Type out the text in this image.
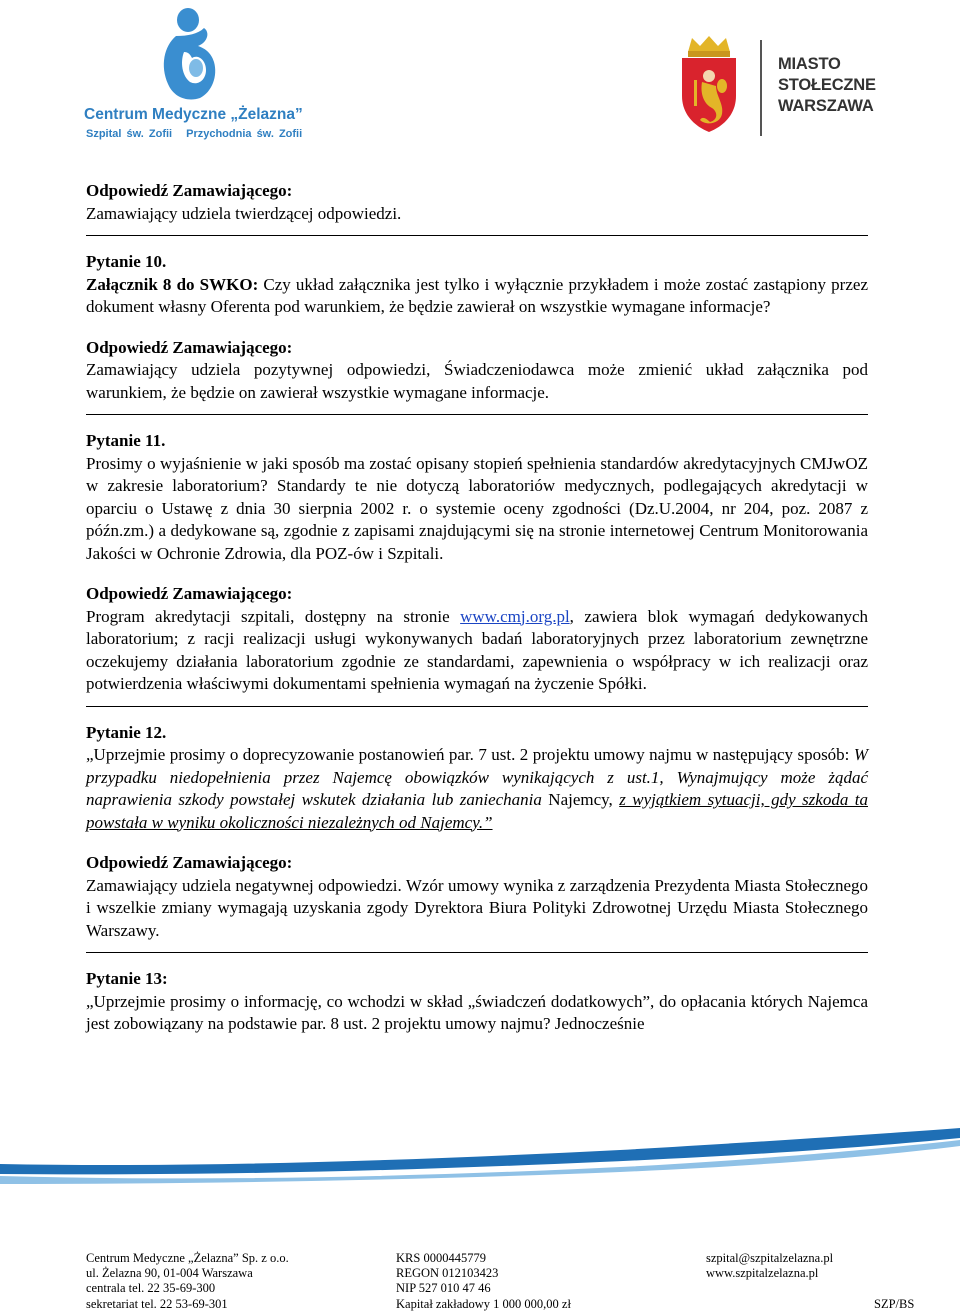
Centrum Medyczne „Żelazna”
Szpital św. Zofii Przychodnia św. Zofii
MIASTO
STOŁECZNE
WARSZAWA

Odpowiedź Zamawiającego:

Zamawiający udziela twierdzącej odpowiedzi.

Pytanie 10.

Załącznik 8 do SWKO: Czy układ załącznika jest tylko i wyłącznie przykładem i może zostać zastąpiony przez dokument własny Oferenta pod warunkiem, że będzie zawierał on wszystkie wymagane informacje?

Odpowiedź Zamawiającego:

Zamawiający udziela pozytywnej odpowiedzi, Świadczeniodawca może zmienić układ załącznika pod warunkiem, że będzie on zawierał wszystkie wymagane informacje.

Pytanie 11.

Prosimy o wyjaśnienie w jaki sposób ma zostać opisany stopień spełnienia standardów akredytacyjnych CMJwOZ w zakresie laboratorium? Standardy te nie dotyczą laboratoriów medycznych, podlegających akredytacji w oparciu o Ustawę z dnia 30 sierpnia 2002 r. o systemie oceny zgodności (Dz.U.2004, nr 204, poz. 2087 z późn.zm.) a dedykowane są, zgodnie z zapisami znajdującymi się na stronie internetowej Centrum Monitorowania Jakości w Ochronie Zdrowia, dla POZ-ów i Szpitali.

Odpowiedź Zamawiającego:

Program akredytacji szpitali, dostępny na stronie www.cmj.org.pl, zawiera blok wymagań dedykowanych laboratorium; z racji realizacji usługi wykonywanych badań laboratoryjnych przez laboratorium zewnętrzne oczekujemy działania laboratorium zgodnie ze standardami, zapewnienia o współpracy w ich realizacji oraz potwierdzenia właściwymi dokumentami spełnienia wymagań na życzenie Spółki.

Pytanie 12.

„Uprzejmie prosimy o doprecyzowanie postanowień par. 7 ust. 2 projektu umowy najmu w następujący sposób: W przypadku niedopełnienia przez Najemcę obowiązków wynikających z ust.1, Wynajmujący może żądać naprawienia szkody powstałej wskutek działania lub zaniechania Najemcy, z wyjątkiem sytuacji, gdy szkoda ta powstała w wyniku okoliczności niezależnych od Najemcy.”

Odpowiedź Zamawiającego:

Zamawiający udziela negatywnej odpowiedzi. Wzór umowy wynika z zarządzenia Prezydenta Miasta Stołecznego i wszelkie zmiany wymagają uzyskania zgody Dyrektora Biura Polityki Zdrowotnej Urzędu Miasta Stołecznego Warszawy.

Pytanie 13:

„Uprzejmie prosimy o informację, co wchodzi w skład „świadczeń dodatkowych”, do opłacania których Najemca jest zobowiązany na podstawie par. 8 ust. 2 projektu umowy najmu? Jednocześnie

Centrum Medyczne „Żelazna” Sp. z o.o.
ul. Żelazna 90, 01-004 Warszawa
centrala tel. 22 35-69-300
sekretariat tel. 22 53-69-301
KRS 0000445779
REGON 012103423
NIP 527 010 47 46
Kapitał zakładowy 1 000 000,00 zł
szpital@szpitalzelazna.pl
www.szpitalzelazna.pl
SZP/BS
